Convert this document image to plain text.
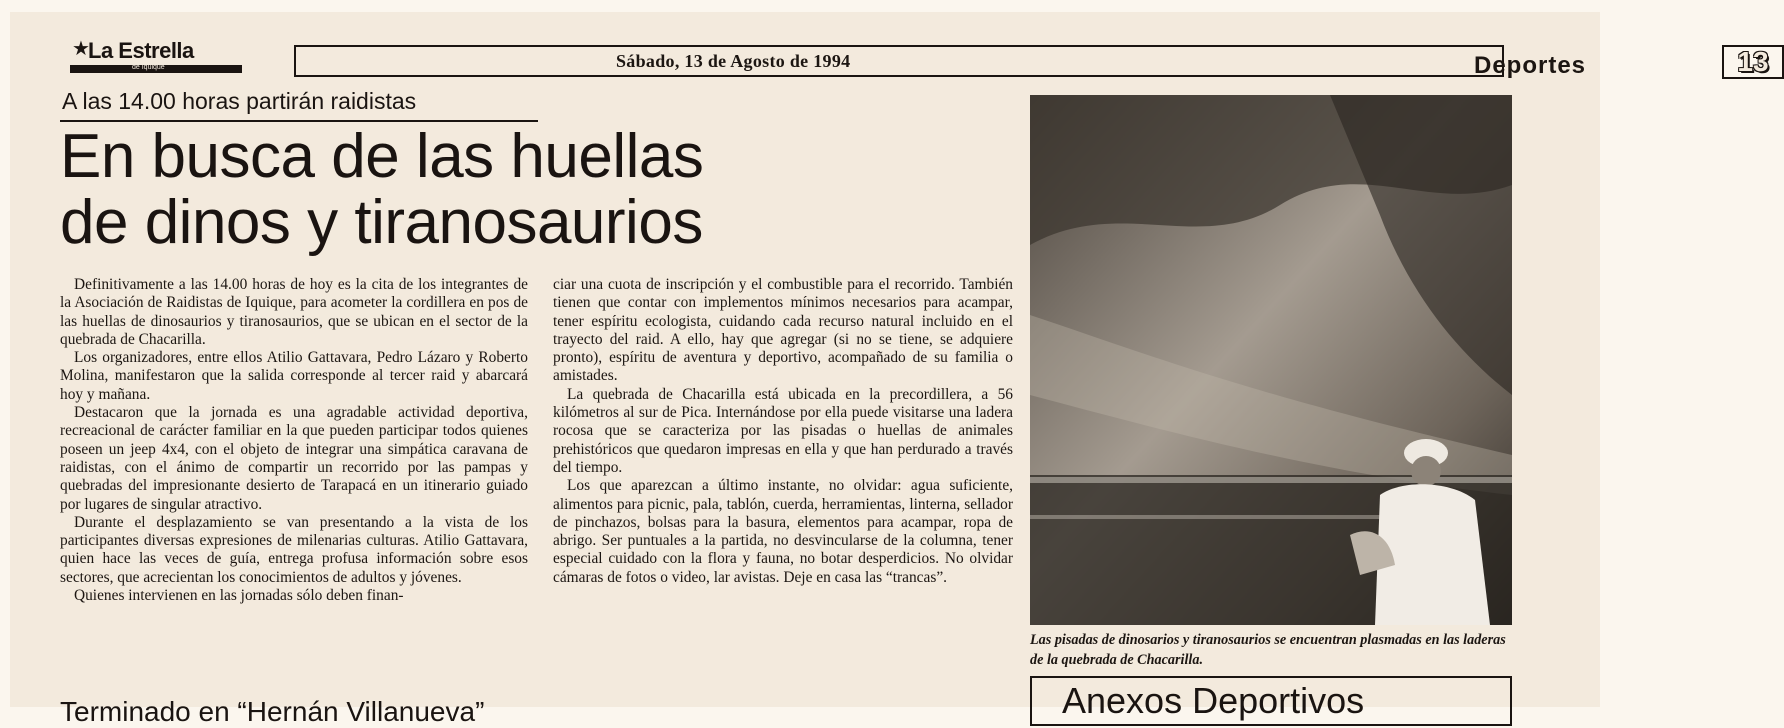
★
La Estrella
de Iquique	Sábado, 13 de Agosto de 1994	Deportes	13
A las 14.00 horas partirán raidistas
En busca de las huellas
de dinos y tiranosaurios

Definitivamente a las 14.00 horas de hoy es la cita de los integrantes de la Asociación de Raidistas de Iquique, para acometer la cordillera en pos de las huellas de dinosaurios y tiranosaurios, que se ubican en el sector de la quebrada de Chacarilla.

Los organizadores, entre ellos Atilio Gattavara, Pedro Lázaro y Roberto Molina, manifestaron que la salida corresponde al tercer raid y abarcará hoy y mañana.

Destacaron que la jornada es una agradable actividad deportiva, recreacional de carácter familiar en la que pueden participar todos quienes poseen un jeep 4x4, con el objeto de integrar una simpática caravana de raidistas, con el ánimo de compartir un recorrido por las pampas y quebradas del impresionante desierto de Tarapacá en un itinerario guiado por lugares de singular atractivo.

Durante el desplazamiento se van presentando a la vista de los participantes diversas expresiones de milenarias culturas. Atilio Gattavara, quien hace las veces de guía, entrega profusa información sobre esos sectores, que acrecientan los conocimientos de adultos y jóvenes.

Quienes intervienen en las jornadas sólo deben finan-

ciar una cuota de inscripción y el combustible para el recorrido. También tienen que contar con implementos mínimos necesarios para acampar, tener espíritu ecologista, cuidando cada recurso natural incluido en el trayecto del raid. A ello, hay que agregar (si no se tiene, se adquiere pronto), espíritu de aventura y deportivo, acompañado de su familia o amistades.

La quebrada de Chacarilla está ubicada en la precordillera, a 56 kilómetros al sur de Pica. Internándose por ella puede visitarse una ladera rocosa que se caracteriza por las pisadas o huellas de animales prehistóricos que quedaron impresas en ella y que han perdurado a través del tiempo.

Los que aparezcan a último instante, no olvidar: agua suficiente, alimentos para picnic, pala, tablón, cuerda, herramientas, linterna, sellador de pinchazos, bolsas para la basura, elementos para acampar, ropa de abrigo. Ser puntuales a la partida, no desvincularse de la columna, tener especial cuidado con la flora y fauna, no botar desperdicios. No olvidar cámaras de fotos o video, lar avistas. Deje en casa las “trancas”.

Las pisadas de dinosarios y tiranosaurios se encuentran plasmadas en las laderas de la quebrada de Chacarilla.
Anexos Deportivos
Terminado en “Hernán Villanueva”
